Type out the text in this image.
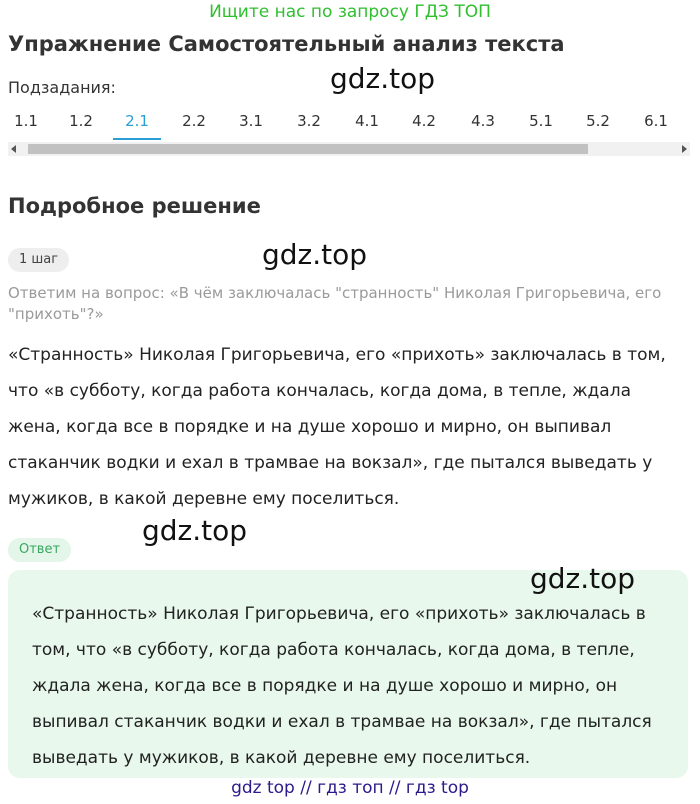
Ищите нас по запросу ГДЗ ТОП
Упражнение Самостоятельный анализ текста
Подзадания:	gdz.top
1.1	1.2	2.1	2.2	3.1	3.2	4.1	4.2	4.3	5.1	5.2	6.1
Подробное решение
gdz.top
1 шаг
Ответим на вопрос: «В чём заключалась "странность" Николая Григорьевича, его "прихоть"?»
«Странность» Николая Григорьевича, его «прихоть» заключалась в том, что «в субботу, когда работа кончалась, когда дома, в тепле, ждала жена, когда все в порядке и на душе хорошо и мирно, он выпивал стаканчик водки и ехал в трамвае на вокзал», где пытался выведать у мужиков, в какой деревне ему поселиться.
gdz.top
Ответ
«Странность» Николая Григорьевича, его «прихоть» заключалась в том, что «в субботу, когда работа кончалась, когда дома, в тепле, ждала жена, когда все в порядке и на душе хорошо и мирно, он выпивал стаканчик водки и ехал в трамвае на вокзал», где пытался выведать у мужиков, в какой деревне ему поселиться.
gdz.top
gdz top // гдз топ // гдз top
